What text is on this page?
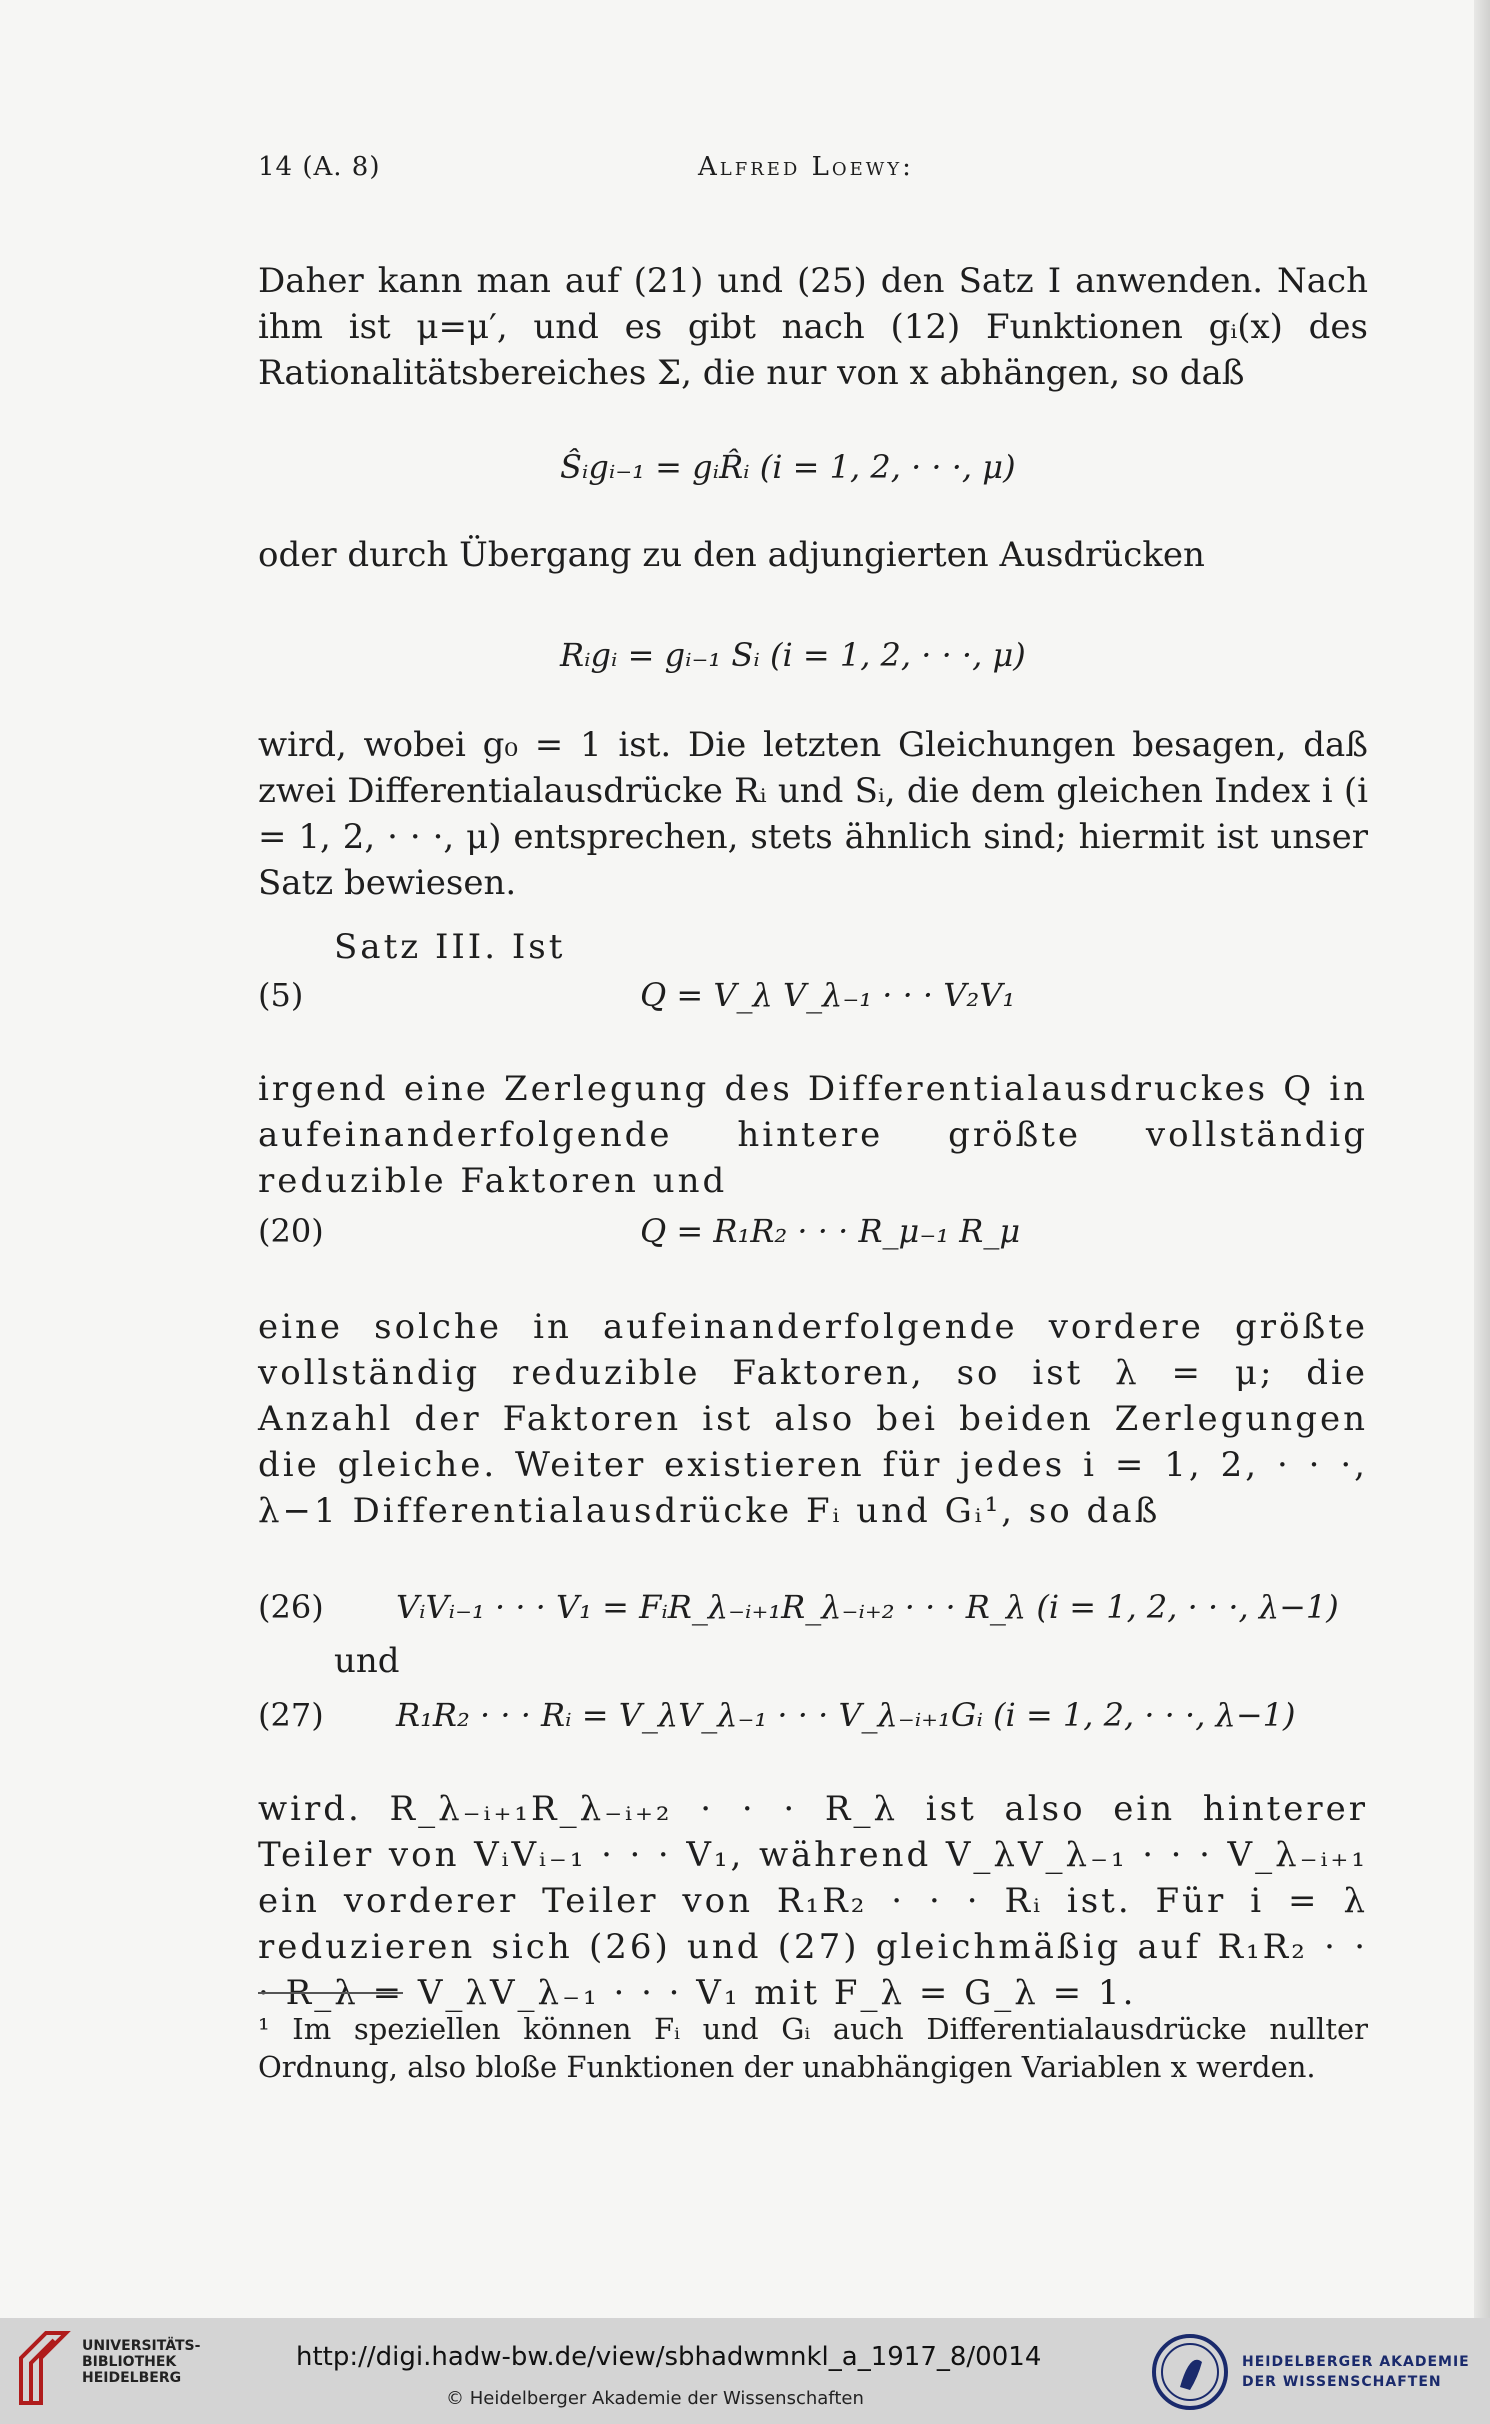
14 (A. 8)	Alfred Loewy:
Daher kann man auf (21) und (25) den Satz I anwenden. Nach ihm ist μ=μ′, und es gibt nach (12) Funktionen gᵢ(x) des Rationalitätsbereiches Σ, die nur von x abhängen, so daß
Ŝᵢgᵢ₋₁ = gᵢR̂ᵢ (i = 1, 2, · · ·, μ)
oder durch Übergang zu den adjungierten Ausdrücken
Rᵢgᵢ = gᵢ₋₁ Sᵢ (i = 1, 2, · · ·, μ)
wird, wobei g₀ = 1 ist. Die letzten Gleichungen besagen, daß zwei Differentialausdrücke Rᵢ und Sᵢ, die dem gleichen Index i (i = 1, 2, · · ·, μ) entsprechen, stets ähnlich sind; hiermit ist unser Satz bewiesen.
Satz III. Ist
(5)	Q = V_λ V_λ₋₁ · · · V₂V₁
irgend eine Zerlegung des Differentialausdruckes Q in aufeinanderfolgende hintere größte vollständig reduzible Faktoren und
(20)	Q = R₁R₂ · · · R_μ₋₁ R_μ
eine solche in aufeinanderfolgende vordere größte vollständig reduzible Faktoren, so ist λ = μ; die Anzahl der Faktoren ist also bei beiden Zerlegungen die gleiche. Weiter existieren für jedes i = 1, 2, · · ·, λ−1 Differentialausdrücke Fᵢ und Gᵢ¹, so daß
(26) VᵢVᵢ₋₁ · · · V₁ = FᵢR_λ₋ᵢ₊₁R_λ₋ᵢ₊₂ · · · R_λ (i = 1, 2, · · ·, λ−1)
und
(27) R₁R₂ · · · Rᵢ = V_λV_λ₋₁ · · · V_λ₋ᵢ₊₁Gᵢ (i = 1, 2, · · ·, λ−1)
wird. R_λ₋ᵢ₊₁R_λ₋ᵢ₊₂ · · · R_λ ist also ein hinterer Teiler von VᵢVᵢ₋₁ · · · V₁, während V_λV_λ₋₁ · · · V_λ₋ᵢ₊₁ ein vorderer Teiler von R₁R₂ · · · Rᵢ ist. Für i = λ reduzieren sich (26) und (27) gleichmäßig auf R₁R₂ · · · R_λ = V_λV_λ₋₁ · · · V₁ mit F_λ = G_λ = 1.
¹ Im speziellen können Fᵢ und Gᵢ auch Differentialausdrücke nullter Ordnung, also bloße Funktionen der unabhängigen Variablen x werden.
UNIVERSITÄTS-
BIBLIOTHEK
HEIDELBERG
http://digi.hadw-bw.de/view/sbhadwmnkl_a_1917_8/0014
© Heidelberger Akademie der Wissenschaften
HEIDELBERGER AKADEMIE
DER WISSENSCHAFTEN
